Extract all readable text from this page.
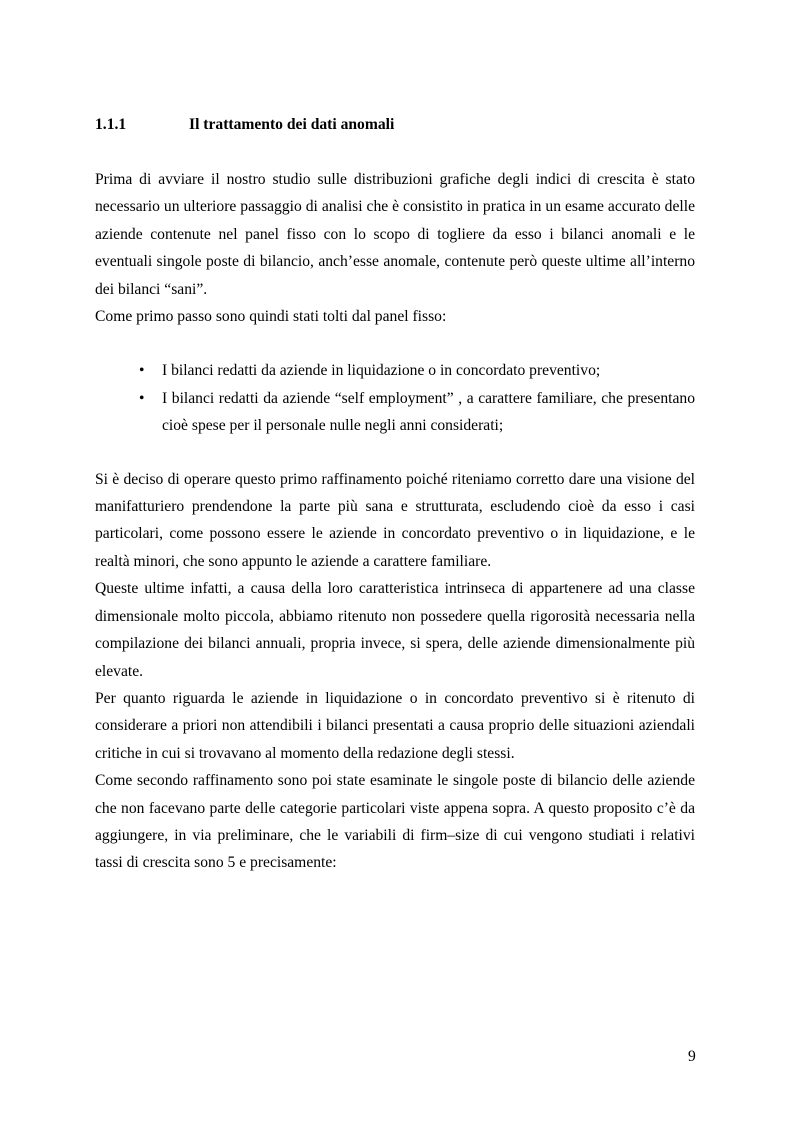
1.1.1	Il trattamento dei dati anomali

Prima di avviare il nostro studio sulle distribuzioni grafiche degli indici di crescita è stato necessario un ulteriore passaggio di analisi che è consistito in pratica in un esame accurato delle aziende contenute nel panel fisso con lo scopo di togliere da esso i bilanci anomali e le eventuali singole poste di bilancio, anch’esse anomale, contenute però queste ultime all’interno dei bilanci “sani”.

Come primo passo sono quindi stati tolti dal panel fisso:

•	I bilanci redatti da aziende in liquidazione o in concordato preventivo;
•	I bilanci redatti da aziende “self employment” , a carattere familiare, che presentano cioè spese per il personale nulle negli anni considerati;

Si è deciso di operare questo primo raffinamento poiché riteniamo corretto dare una visione del manifatturiero prendendone la parte più sana e strutturata, escludendo cioè da esso i casi particolari, come possono essere le aziende in concordato preventivo o in liquidazione, e le realtà minori, che sono appunto le aziende a carattere familiare.

Queste ultime infatti, a causa della loro caratteristica intrinseca di appartenere ad una classe dimensionale molto piccola, abbiamo ritenuto non possedere quella rigorosità necessaria nella compilazione dei bilanci annuali, propria invece, si spera, delle aziende dimensionalmente più elevate.

Per quanto riguarda le aziende in liquidazione o in concordato preventivo si è ritenuto di considerare a priori non attendibili i bilanci presentati a causa proprio delle situazioni aziendali critiche in cui si trovavano al momento della redazione degli stessi.

Come secondo raffinamento sono poi state esaminate le singole poste di bilancio delle aziende che non facevano parte delle categorie particolari viste appena sopra. A questo proposito c’è da aggiungere, in via preliminare, che le variabili di firm–size di cui vengono studiati i relativi tassi di crescita sono 5 e precisamente:

9
